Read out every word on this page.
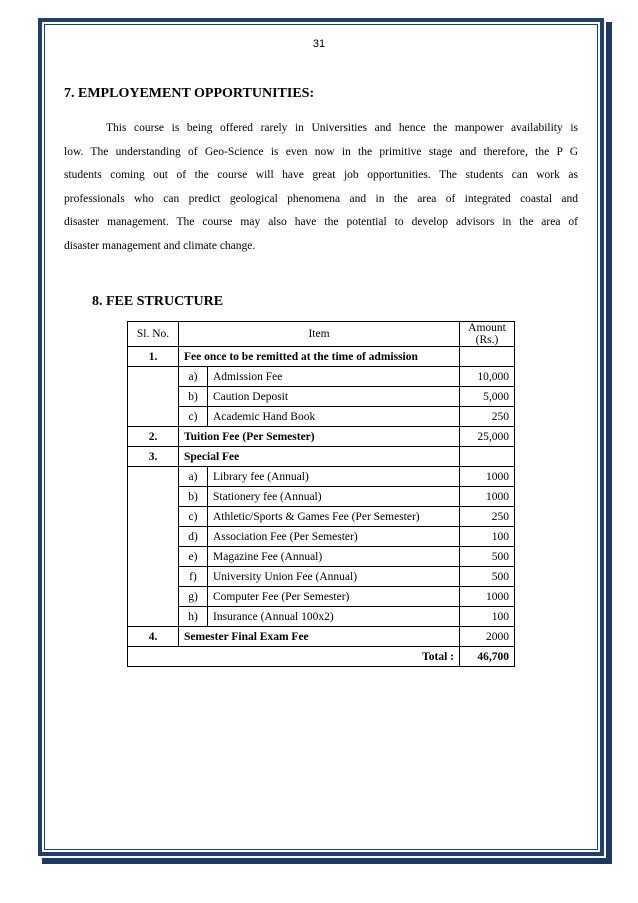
31
7. EMPLOYEMENT OPPORTUNITIES:
This course is being offered rarely in Universities and hence the manpower availability is
low. The understanding of Geo-Science is even now in the primitive stage and therefore, the P G
students coming out of the course will have great job opportunities. The students can work as
professionals who can predict geological phenomena and in the area of integrated coastal and
disaster management. The course may also have the potential to develop advisors in the area of
disaster management and climate change.
8. FEE STRUCTURE
Sl. No.	Item		Amount
(Rs.)
1.	Fee once to be remitted at the time of admission		
	a)	Admission Fee	10,000
	b)	Caution Deposit	5,000
	c)	Academic Hand Book	250
2.	Tuition Fee (Per Semester)		25,000
3.	Special Fee		
	a)	Library fee (Annual)	1000
	b)	Stationery fee (Annual)	1000
	c)	Athletic/Sports & Games Fee (Per Semester)	250
	d)	Association Fee (Per Semester)	100
	e)	Magazine Fee (Annual)	500
	f)	University Union Fee (Annual)	500
	g)	Computer Fee (Per Semester)	1000
	h)	Insurance (Annual 100x2)	100
4.	Semester Final Exam Fee		2000
Total :			46,700
